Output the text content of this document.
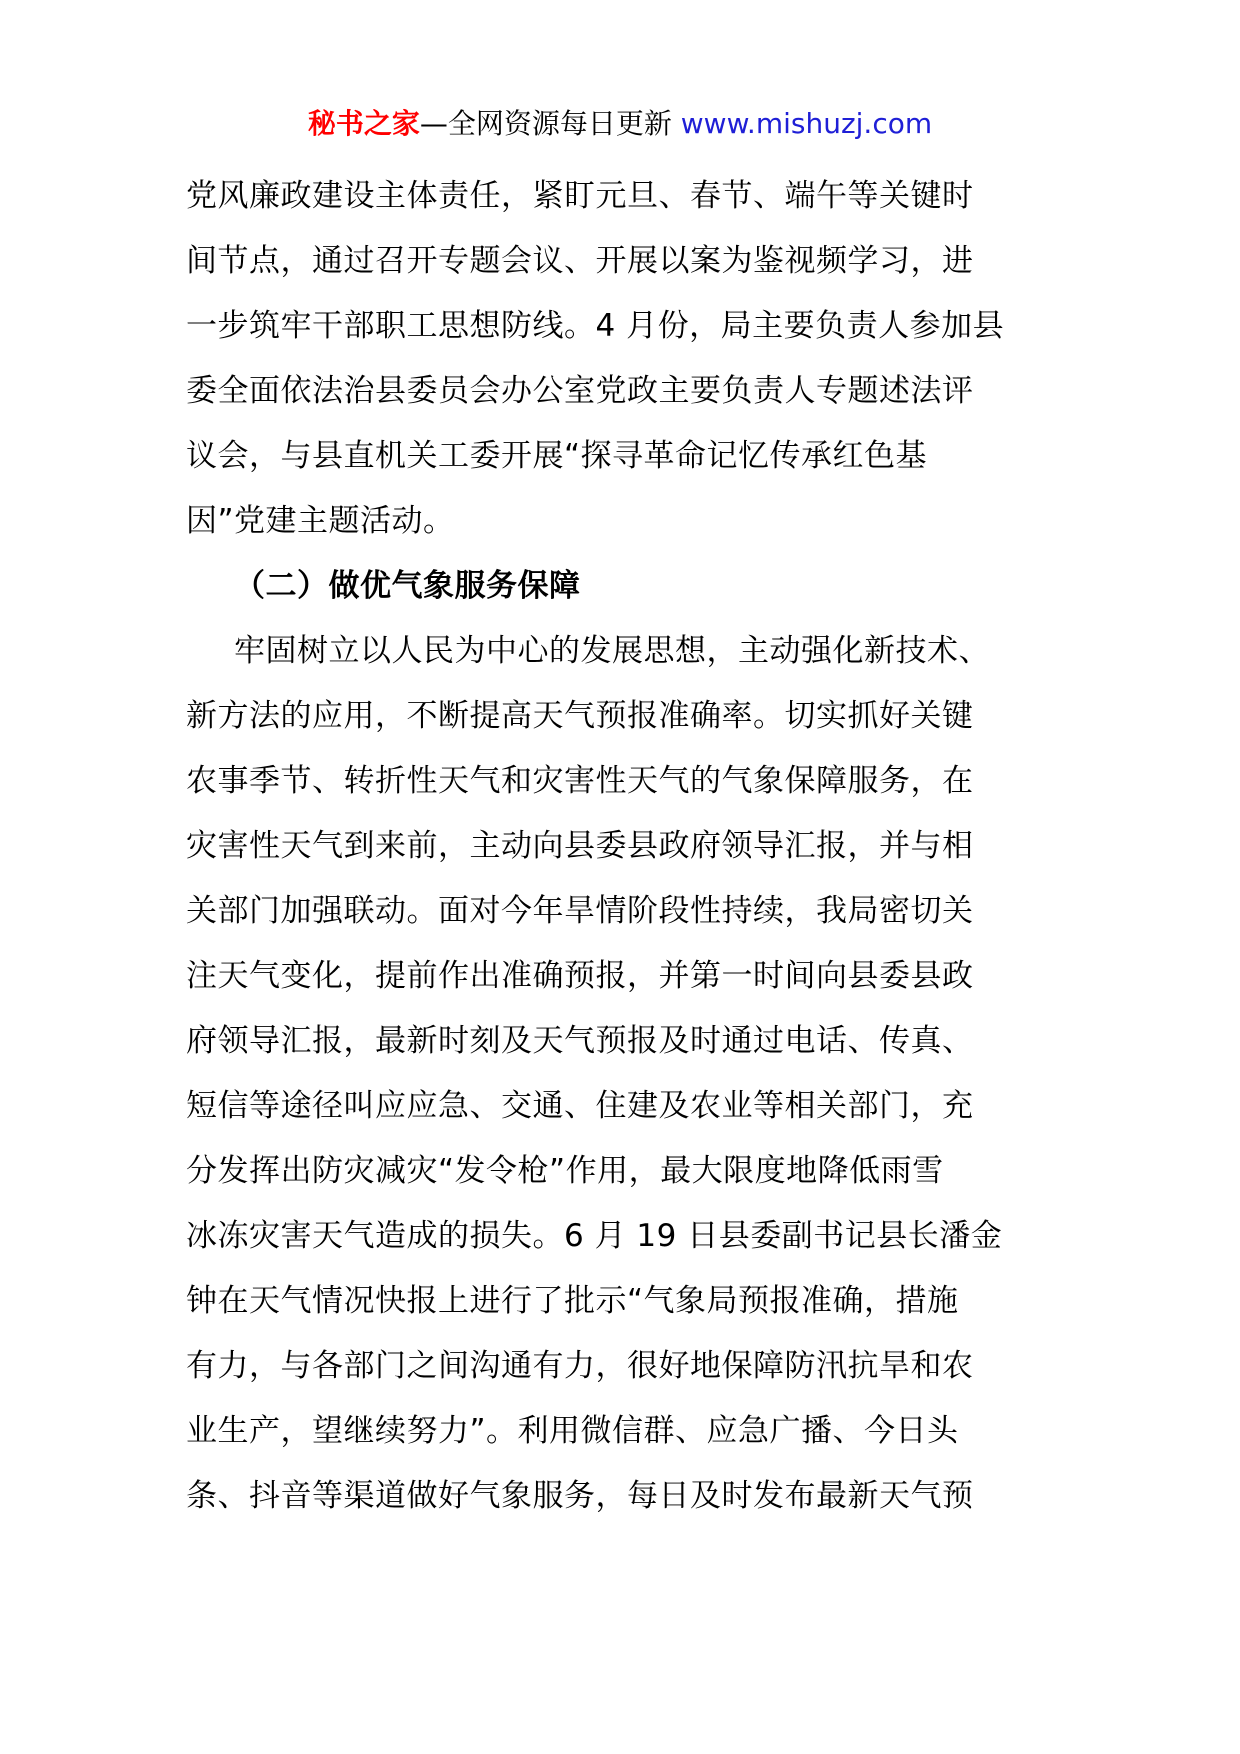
秘书之家—全网资源每日更新 www.mishuzj.com
党风廉政建设主体责任，紧盯元旦、春节、端午等关键时
间节点，通过召开专题会议、开展以案为鉴视频学习，进
一步筑牢干部职工思想防线。4 月份，局主要负责人参加县
委全面依法治县委员会办公室党政主要负责人专题述法评
议会，与县直机关工委开展“探寻革命记忆传承红色基
因”党建主题活动。
（二）做优气象服务保障
牢固树立以人民为中心的发展思想，主动强化新技术、
新方法的应用，不断提高天气预报准确率。切实抓好关键
农事季节、转折性天气和灾害性天气的气象保障服务，在
灾害性天气到来前，主动向县委县政府领导汇报，并与相
关部门加强联动。面对今年旱情阶段性持续，我局密切关
注天气变化，提前作出准确预报，并第一时间向县委县政
府领导汇报，最新时刻及天气预报及时通过电话、传真、
短信等途径叫应应急、交通、住建及农业等相关部门，充
分发挥出防灾减灾“发令枪”作用，最大限度地降低雨雪
冰冻灾害天气造成的损失。6 月 19 日县委副书记县长潘金
钟在天气情况快报上进行了批示“气象局预报准确，措施
有力，与各部门之间沟通有力，很好地保障防汛抗旱和农
业生产，望继续努力”。利用微信群、应急广播、今日头
条、抖音等渠道做好气象服务，每日及时发布最新天气预
